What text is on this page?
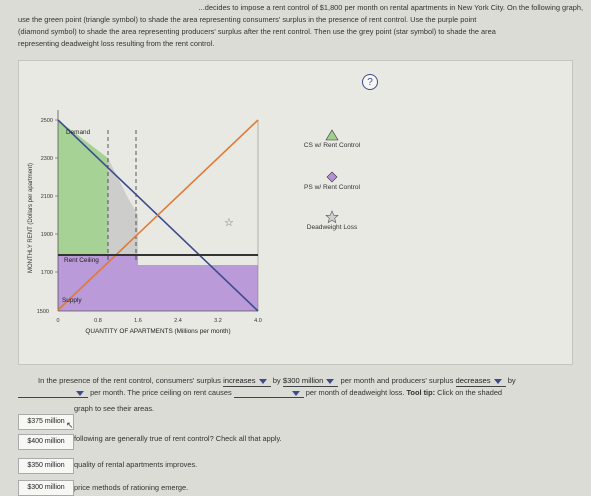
...decides to impose a rent control of $1,800 per month on rental apartments in New York City. On the following graph,
use the green point (triangle symbol) to shade the area representing consumers' surplus in the presence of rent control. Use the purple point
(diamond symbol) to shade the area representing producers' surplus after the rent control. Then use the grey point (star symbol) to shade the area
representing deadweight loss resulting from the rent control.
?
MONTHLY RENT (Dollars per apartment)
2500
2300
2100
1900
1700
1500
Demand
Rent Ceiling
Supply
☆
0	0.8	1.6	2.4	3.2	4.0
QUANTITY OF APARTMENTS (Millions per month)
CS w/ Rent Control
PS w/ Rent Control
Deadweight Loss
In the presence of the rent control, consumers' surplus increases by $300 million per month and producers' surplus decreases by
per month. The price ceiling on rent causes	per month of deadweight loss. Tool tip: Click on the shaded
graph to see their areas.
following are generally true of rent control? Check all that apply.
quality of rental apartments improves.
price methods of rationing emerge.
$375 million
$400 million
$350 million
$300 million
↖
